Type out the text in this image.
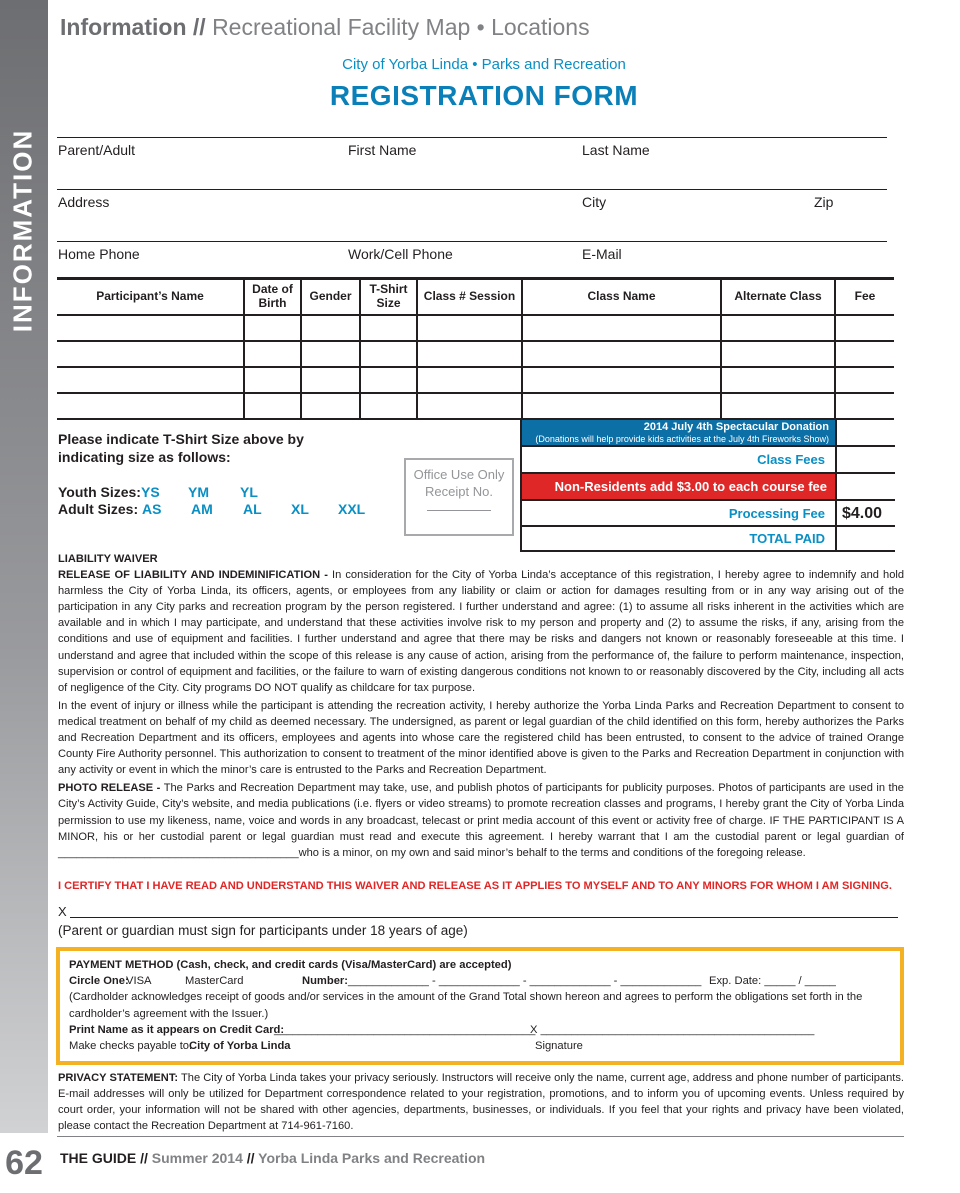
INFORMATION
62
Information // Recreational Facility Map • Locations
City of Yorba Linda • Parks and Recreation
REGISTRATION FORM
Parent/Adult	First Name	Last Name
Address	City	Zip
Home Phone	Work/Cell Phone	E-Mail
Participant’s Name	Date of Birth	Gender	T-Shirt Size	Class # Session	Class Name	Alternate Class	Fee

Please indicate T-Shirt Size above by
indicating size as follows:
Youth Sizes: YS YM YL
Adult Sizes: AS AM AL XL XXL
Office Use Only
Receipt No.
2014 July 4th Spectacular Donation
(Donations will help provide kids activities at the July 4th Fireworks Show)
Class Fees
Non-Residents add $3.00 to each course fee
Processing Fee	$4.00
TOTAL PAID
LIABILITY WAIVER

RELEASE OF LIABILITY AND INDEMINIFICATION - In consideration for the City of Yorba Linda’s acceptance of this registration, I hereby agree to indemnify and hold harmless the City of Yorba Linda, its officers, agents, or employees from any liability or claim or action for damages resulting from or in any way arising out of the participation in any City parks and recreation program by the person registered. I further understand and agree: (1) to assume all risks inherent in the activities which are available and in which I may participate, and understand that these activities involve risk to my person and property and (2) to assume the risks, if any, arising from the conditions and use of equipment and facilities. I further understand and agree that there may be risks and dangers not known or reasonably foreseeable at this time. I understand and agree that included within the scope of this release is any cause of action, arising from the performance of, the failure to perform maintenance, inspection, supervision or control of equipment and facilities, or the failure to warn of existing dangerous conditions not known to or reasonably discovered by the City, including all acts of negligence of the City. City programs DO NOT qualify as childcare for tax purpose.

In the event of injury or illness while the participant is attending the recreation activity, I hereby authorize the Yorba Linda Parks and Recreation Department to consent to medical treatment on behalf of my child as deemed necessary. The undersigned, as parent or legal guardian of the child identified on this form, hereby authorizes the Parks and Recreation Department and its officers, employees and agents into whose care the registered child has been entrusted, to consent to the advice of trained Orange County Fire Authority personnel. This authorization to consent to treatment of the minor identified above is given to the Parks and Recreation Department in conjunction with any activity or event in which the minor’s care is entrusted to the Parks and Recreation Department.

PHOTO RELEASE - The Parks and Recreation Department may take, use, and publish photos of participants for publicity purposes. Photos of participants are used in the City’s Activity Guide, City’s website, and media publications (i.e. flyers or video streams) to promote recreation classes and programs, I hereby grant the City of Yorba Linda permission to use my likeness, name, voice and words in any broadcast, telecast or print media account of this event or activity free of charge. IF THE PARTICIPANT IS A MINOR, his or her custodial parent or legal guardian must read and execute this agreement. I hereby warrant that I am the custodial parent or legal guardian of _______________________________________who is a minor, on my own and said minor’s behalf to the terms and conditions of the foregoing release.

I CERTIFY THAT I HAVE READ AND UNDERSTAND THIS WAIVER AND RELEASE AS IT APPLIES TO MYSELF AND TO ANY MINORS FOR WHOM I AM SIGNING.
X
(Parent or guardian must sign for participants under 18 years of age)
PAYMENT METHOD (Cash, check, and credit cards (Visa/MasterCard) are accepted)
Circle One:
VISA	MasterCard	Number: _____________ - _____________ - _____________ - _____________ Exp. Date: _____ / _____
(Cardholder acknowledges receipt of goods and/or services in the amount of the Grand Total shown hereon and agrees to perform the obligations set forth in the cardholder’s agreement with the Issuer.)
Print Name as it appears on Credit Card:
__________________________________________
X ____________________________________________
Make checks payable to:
City of Yorba Linda	Signature
PRIVACY STATEMENT: The City of Yorba Linda takes your privacy seriously. Instructors will receive only the name, current age, address and phone number of participants. E-mail addresses will only be utilized for Department correspondence related to your registration, promotions, and to inform you of upcoming events. Unless required by court order, your information will not be shared with other agencies, departments, businesses, or individuals. If you feel that your rights and privacy have been violated, please contact the Recreation Department at 714-961-7160.
THE GUIDE // Summer 2014 // Yorba Linda Parks and Recreation
